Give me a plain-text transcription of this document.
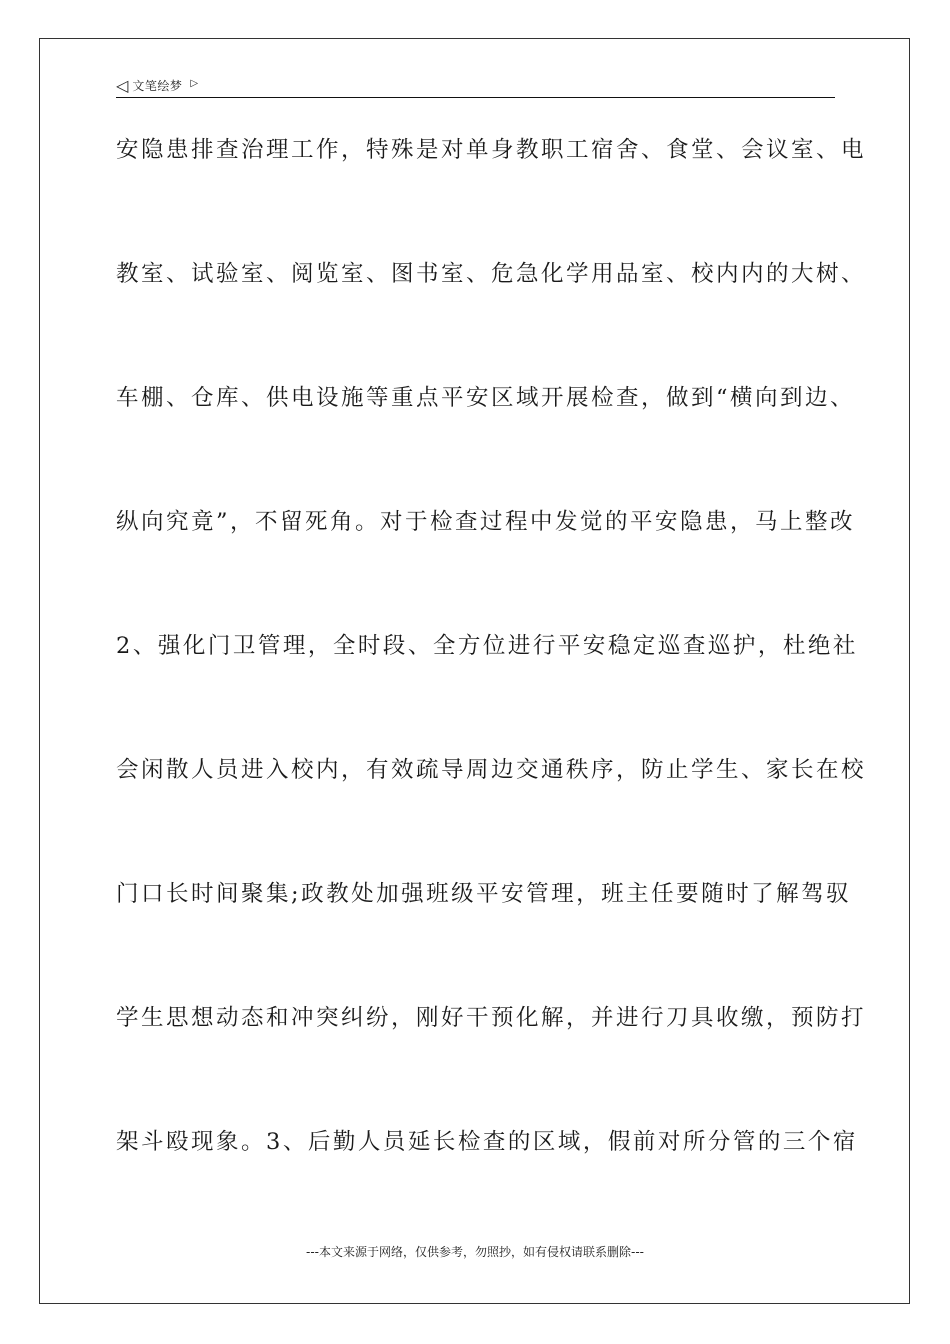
◁ 文笔绘梦 ▷
安隐患排查治理工作，特殊是对单身教职工宿舍、食堂、会议室、电
教室、试验室、阅览室、图书室、危急化学用品室、校内内的大树、
车棚、仓库、供电设施等重点平安区域开展检查，做到“横向到边、
纵向究竟”，不留死角。对于检查过程中发觉的平安隐患，马上整改
2、强化门卫管理，全时段、全方位进行平安稳定巡查巡护，杜绝社
会闲散人员进入校内，有效疏导周边交通秩序，防止学生、家长在校
门口长时间聚集;政教处加强班级平安管理，班主任要随时了解驾驭
学生思想动态和冲突纠纷，刚好干预化解，并进行刀具收缴，预防打
架斗殴现象。3、后勤人员延长检查的区域，假前对所分管的三个宿
---本文来源于网络，仅供参考，勿照抄，如有侵权请联系删除---
